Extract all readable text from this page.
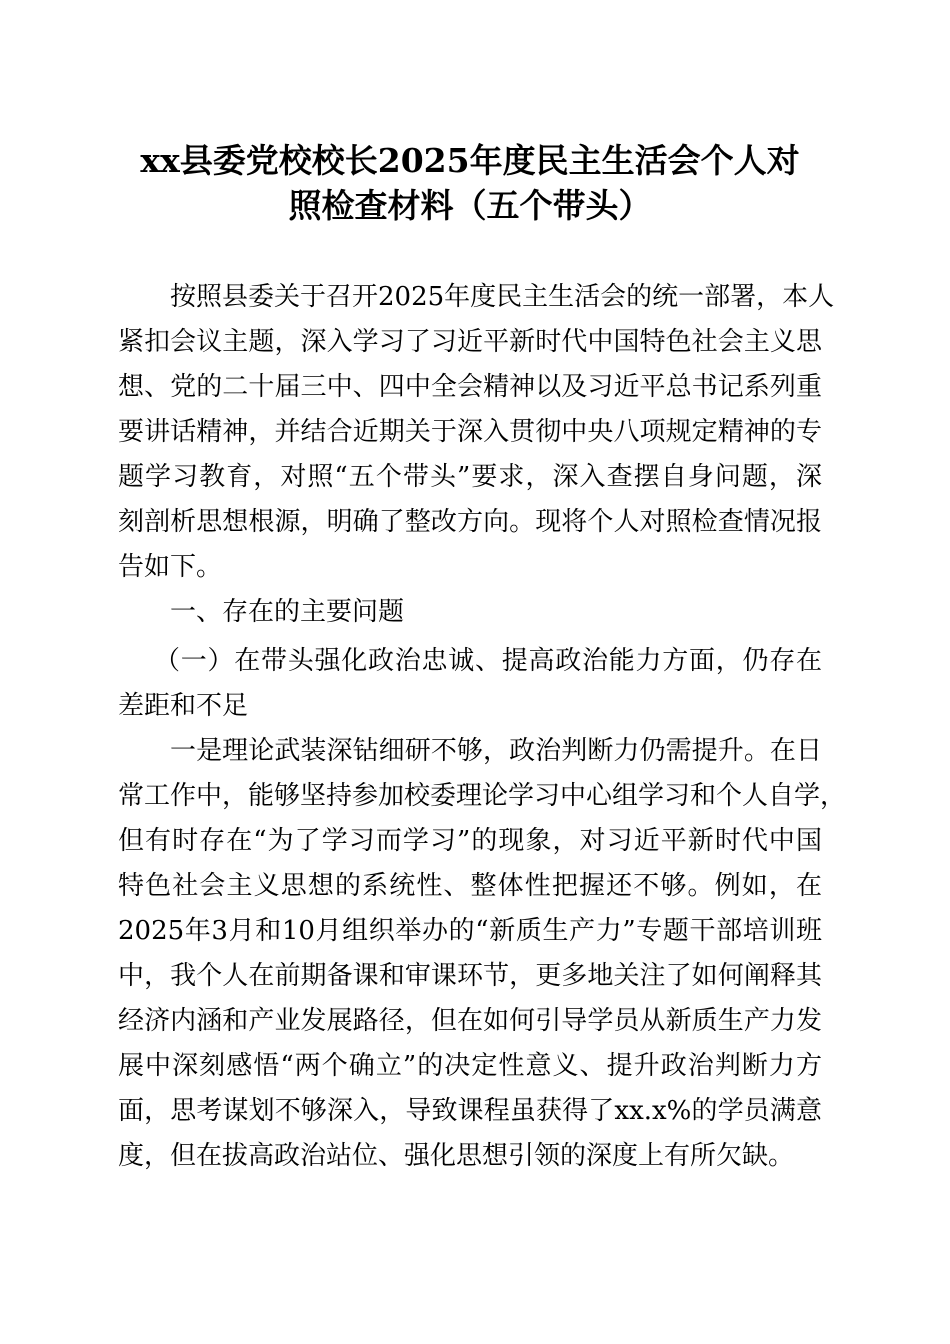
xx县委党校校长2025年度民主生活会个人对
照检查材料（五个带头）
按照县委关于召开2025年度民主生活会的统一部署，本人
紧扣会议主题，深入学习了习近平新时代中国特色社会主义思
想、党的二十届三中、四中全会精神以及习近平总书记系列重
要讲话精神，并结合近期关于深入贯彻中央八项规定精神的专
题学习教育，对照“五个带头”要求，深入查摆自身问题，深
刻剖析思想根源，明确了整改方向。现将个人对照检查情况报
告如下。
一、存在的主要问题
（一）在带头强化政治忠诚、提高政治能力方面，仍存在
差距和不足
一是理论武装深钻细研不够，政治判断力仍需提升。在日
常工作中，能够坚持参加校委理论学习中心组学习和个人自学，
但有时存在“为了学习而学习”的现象，对习近平新时代中国
特色社会主义思想的系统性、整体性把握还不够。例如，在
2025年3月和10月组织举办的“新质生产力”专题干部培训班
中，我个人在前期备课和审课环节，更多地关注了如何阐释其
经济内涵和产业发展路径，但在如何引导学员从新质生产力发
展中深刻感悟“两个确立”的决定性意义、提升政治判断力方
面，思考谋划不够深入，导致课程虽获得了xx.x%的学员满意
度，但在拔高政治站位、强化思想引领的深度上有所欠缺。
